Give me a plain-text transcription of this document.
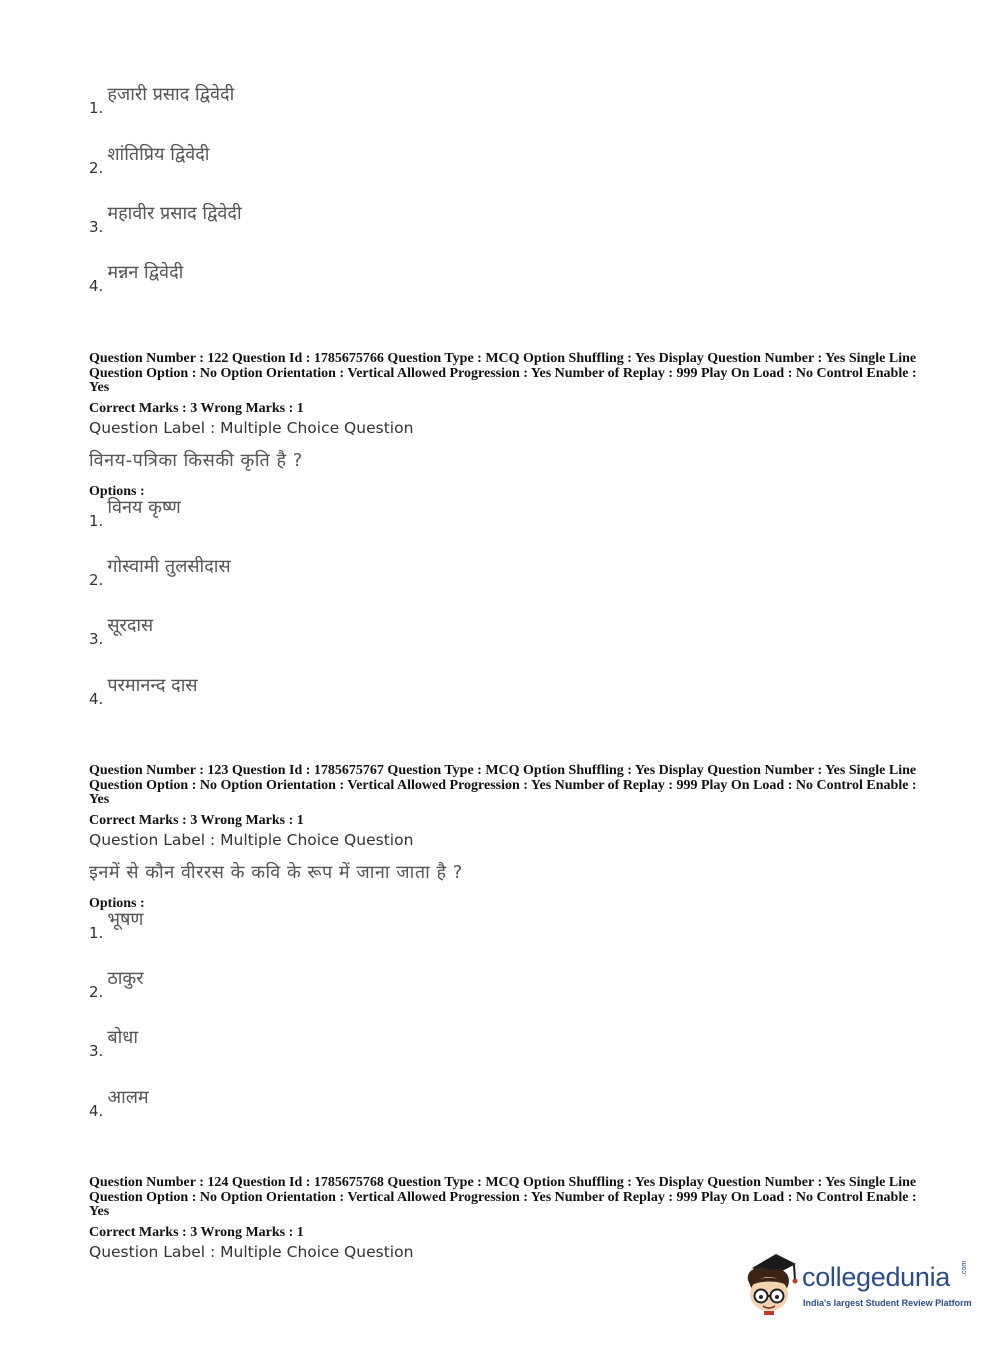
1.
हजारी प्रसाद द्विवेदी
2.
शांतिप्रिय द्विवेदी
3.
महावीर प्रसाद द्विवेदी
4.
मन्नन द्विवेदी
Question Number : 122 Question Id : 1785675766 Question Type : MCQ Option Shuffling : Yes Display Question Number : Yes Single Line Question Option : No Option Orientation : Vertical Allowed Progression : Yes Number of Replay : 999 Play On Load : No Control Enable : Yes
Correct Marks : 3 Wrong Marks : 1
Question Label : Multiple Choice Question
विनय-पत्रिका किसकी कृति है ?
Options :
1.
विनय कृष्ण
2.
गोस्वामी तुलसीदास
3.
सूरदास
4.
परमानन्द दास
Question Number : 123 Question Id : 1785675767 Question Type : MCQ Option Shuffling : Yes Display Question Number : Yes Single Line Question Option : No Option Orientation : Vertical Allowed Progression : Yes Number of Replay : 999 Play On Load : No Control Enable : Yes
Correct Marks : 3 Wrong Marks : 1
Question Label : Multiple Choice Question
इनमें से कौन वीररस के कवि के रूप में जाना जाता है ?
Options :
1.
भूषण
2.
ठाकुर
3.
बोधा
4.
आलम
Question Number : 124 Question Id : 1785675768 Question Type : MCQ Option Shuffling : Yes Display Question Number : Yes Single Line Question Option : No Option Orientation : Vertical Allowed Progression : Yes Number of Replay : 999 Play On Load : No Control Enable : Yes
Correct Marks : 3 Wrong Marks : 1
Question Label : Multiple Choice Question
collegedunia .com
India's largest Student Review Platform
